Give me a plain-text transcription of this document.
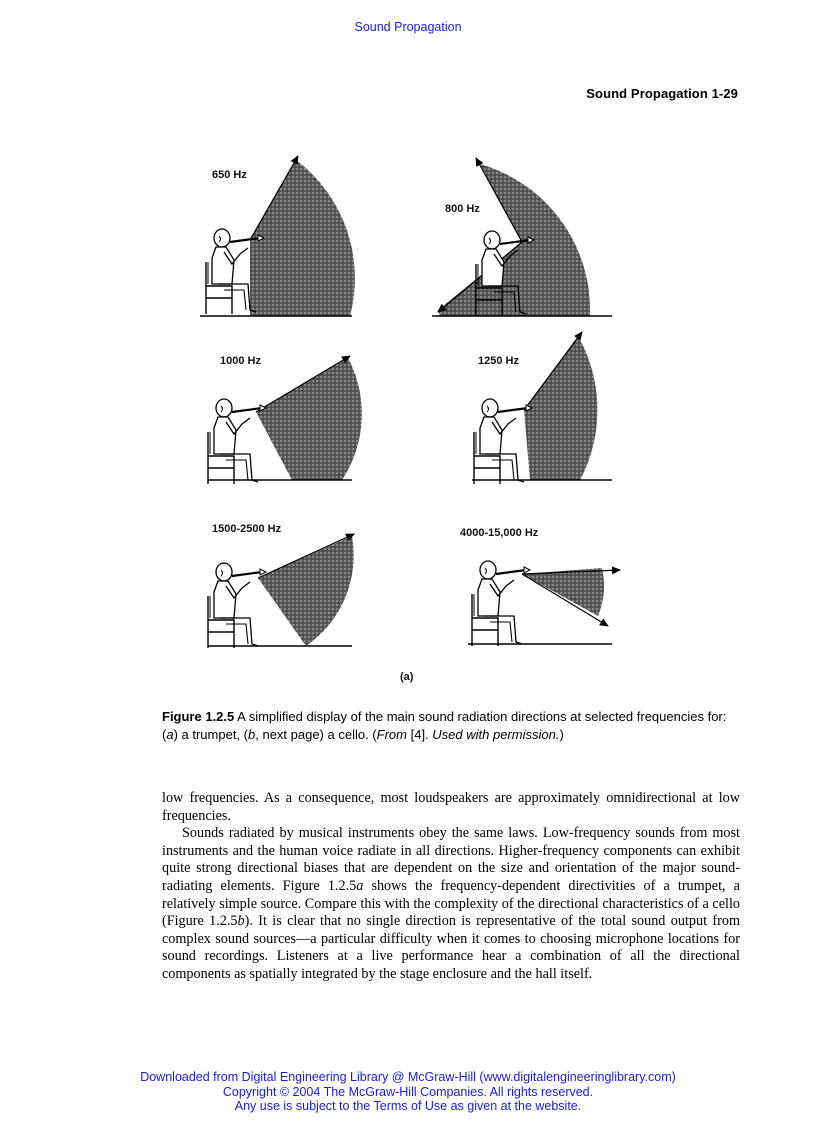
Sound Propagation
Sound Propagation 1-29
650 Hz
800 Hz
1000 Hz	1250 Hz
1500-2500 Hz	4000-15,000 Hz
(a)
Figure 1.2.5 A simplified display of the main sound radiation directions at selected frequencies for: (a) a trumpet, (b, next page) a cello. (From [4]. Used with permission.)

low frequencies. As a consequence, most loudspeakers are approximately omnidirectional at low frequencies.

Sounds radiated by musical instruments obey the same laws. Low-frequency sounds from most instruments and the human voice radiate in all directions. Higher-frequency components can exhibit quite strong directional biases that are dependent on the size and orientation of the major sound-radiating elements. Figure 1.2.5a shows the frequency-dependent directivities of a trumpet, a relatively simple source. Compare this with the complexity of the directional characteristics of a cello (Figure 1.2.5b). It is clear that no single direction is representative of the total sound output from complex sound sources—a particular difficulty when it comes to choosing microphone locations for sound recordings. Listeners at a live performance hear a combination of all the directional components as spatially integrated by the stage enclosure and the hall itself.

Downloaded from Digital Engineering Library @ McGraw-Hill (www.digitalengineeringlibrary.com)
Copyright © 2004 The McGraw-Hill Companies. All rights reserved.
Any use is subject to the Terms of Use as given at the website.
